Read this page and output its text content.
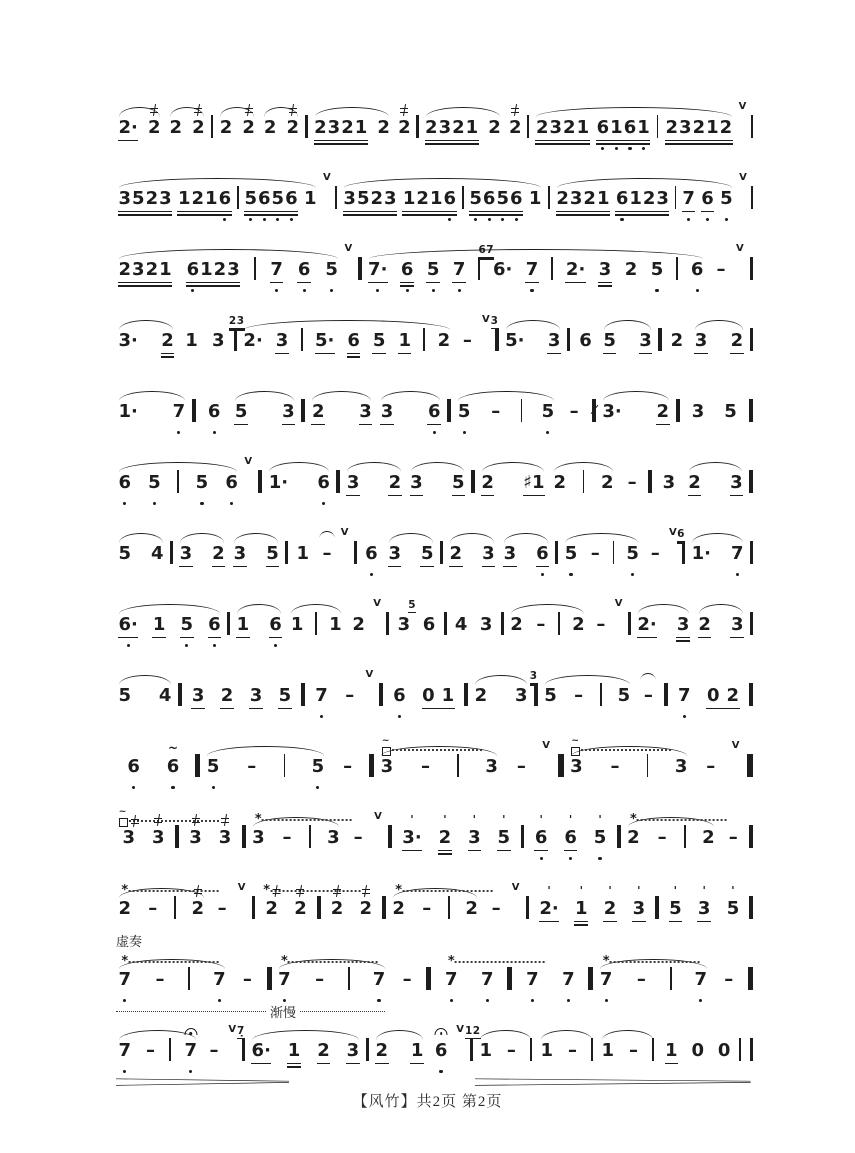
2· 2 2 2 2 2 2 2 2 3 2 1 2 2 2 3 2 1 2 2 2 3 2 1 6 1 6 1 2 3 2 1 2
V
3 5 2 3 1 2 1 6 5 6 5 6 1
V
3 5 2 3 1 2 1 6 5 6 5 6 1 2 3 2 1 6 1 2 3 7 6 5
V
2 3 2 1 6 1 2 3 7 6 5
V
7· 6 5 7
67
6· 7 2· 3 2 5 6 –
V
3· 2 1 3
23
2· 3 5· 6 5 1 2 –
V 3
5· 3 6 5 3 2 3 2
1· 7 6 5 3 2 3 3 6 5 – 5 – 3· 2 3 5
6 5 5 6
V
1· 6 3 2 3 5 2 ♯1 2 2 – 3 2 3
5 4 3 2 3 5 1 –
V
6 3 5 2 3 3 6 5 – 5 –
V 6
1· 7
6· 1 5 6 1 6 1 1 2
V
3
5
6 4 3 2 – 2 –
V
2· 3 2 3
5 4 3 2 3 5 7 –
V
6 0 1 2 3
3
5 – 5 – 7 0 2
6
~
6 5 –	5 –
~
3 –	3 –
V	~
3 –	3 –
V
~
3 3 3 3
*
3 – 3 –
V	'
3·
'
2
'
3
'
5
'
6
'
6
'
5
*
2 – 2 –
*
2 – 2 –
V *
2 2 2 2
*
2 – 2 –
V	'
2·
'
1
'
2
'
3
'
5
'
3
'
5
*
7 –	7 –
*
7 –	7 –
*
7 7 7 7
*
7 –	7 –
虚奏
7 – 7 –
V 7̣
6· 1 2 3 2 1 6
V 12
1 – 1 – 1 – 1 0 0
渐慢
【风竹】共2页 第2页
